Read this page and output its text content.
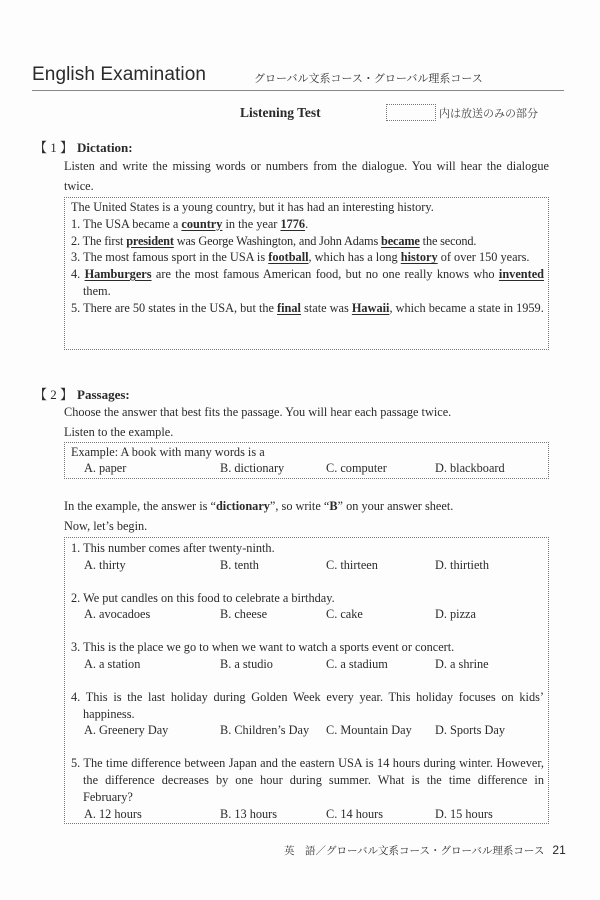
English Examination	グローバル文系コース・グローバル理系コース
Listening Test	内は放送のみの部分
【 1 】 Dictation:
Listen and write the missing words or numbers from the dialogue. You will hear the dialogue twice.
The United States is a young country, but it has had an interesting history.
1. The USA became a country in the year 1776.
2. The first president was George Washington, and John Adams became the second.
3. The most famous sport in the USA is football, which has a long history of over 150 years.
4. Hamburgers are the most famous American food, but no one really knows who invented them.
5. There are 50 states in the USA, but the final state was Hawaii, which became a state in 1959.
【 2 】 Passages:
Choose the answer that best fits the passage. You will hear each passage twice.
Listen to the example.
Example: A book with many words is a
A. paper	B. dictionary	C. computer	D. blackboard
In the example, the answer is “dictionary”, so write “B” on your answer sheet.
Now, let’s begin.
1. This number comes after twenty-ninth.
A. thirty	B. tenth	C. thirteen	D. thirtieth
2. We put candles on this food to celebrate a birthday.
A. avocadoes	B. cheese	C. cake	D. pizza
3. This is the place we go to when we want to watch a sports event or concert.
A. a station	B. a studio	C. a stadium	D. a shrine
4. This is the last holiday during Golden Week every year. This holiday focuses on kids’ happiness.
A. Greenery Day	B. Children’s Day	C. Mountain Day	D. Sports Day
5. The time difference between Japan and the eastern USA is 14 hours during winter. However, the difference decreases by one hour during summer. What is the time difference in February?
A. 12 hours	B. 13 hours	C. 14 hours	D. 15 hours
英　語／グローバル文系コース・グローバル理系コース 21
